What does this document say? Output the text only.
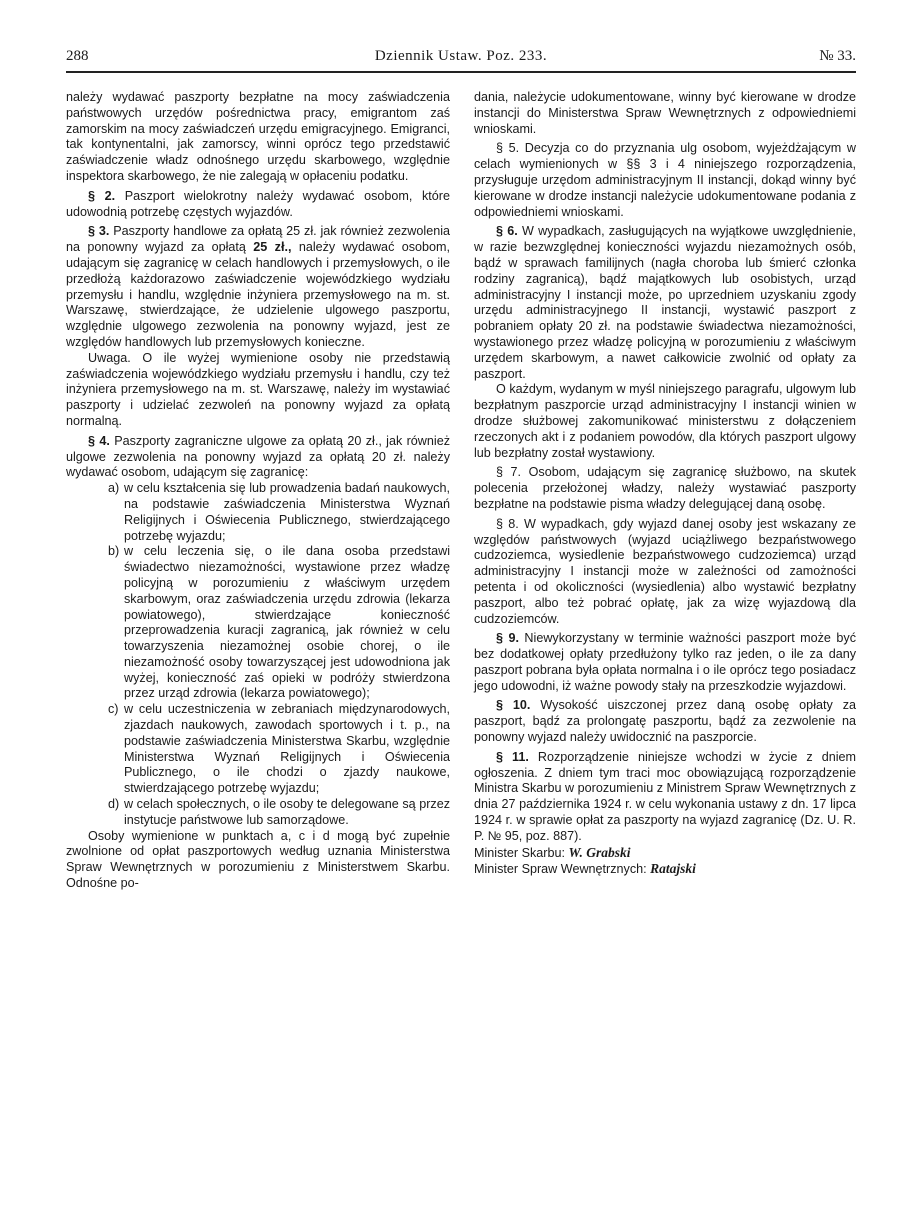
288	Dziennik Ustaw. Poz. 233.	№ 33.

należy wydawać paszporty bezpłatne na mocy zaświadczenia państwowych urzędów pośrednictwa pracy, emigrantom zaś zamorskim na mocy zaświadczeń urzędu emigracyjnego. Emigranci, tak kontynentalni, jak zamorscy, winni oprócz tego przedstawić zaświadczenie władz odnośnego urzędu skarbowego, względnie inspektora skarbowego, że nie zalegają w opłaceniu podatku.

§ 2. Paszport wielokrotny należy wydawać osobom, które udowodnią potrzebę częstych wyjazdów.

§ 3. Paszporty handlowe za opłatą 25 zł. jak również zezwolenia na ponowny wyjazd za opłatą 25 zł., należy wydawać osobom, udającym się zagranicę w celach handlowych i przemysłowych, o ile przedłożą każdorazowo zaświadczenie wojewódzkiego wydziału przemysłu i handlu, względnie inżyniera przemysłowego na m. st. Warszawę, stwierdzające, że udzielenie ulgowego paszportu, względnie ulgowego zezwolenia na ponowny wyjazd, jest ze względów handlowych lub przemysłowych konieczne.

Uwaga. O ile wyżej wymienione osoby nie przedstawią zaświadczenia wojewódzkiego wydziału przemysłu i handlu, czy też inżyniera przemysłowego na m. st. Warszawę, należy im wystawiać paszporty i udzielać zezwoleń na ponowny wyjazd za opłatą normalną.

§ 4. Paszporty zagraniczne ulgowe za opłatą 20 zł., jak również ulgowe zezwolenia na ponowny wyjazd za opłatą 20 zł. należy wydawać osobom, udającym się zagranicę:

a) w celu kształcenia się lub prowadzenia badań naukowych, na podstawie zaświadczenia Ministerstwa Wyznań Religijnych i Oświecenia Publicznego, stwierdzającego potrzebę wyjazdu;
b) w celu leczenia się, o ile dana osoba przedstawi świadectwo niezamożności, wystawione przez władzę policyjną w porozumieniu z właściwym urzędem skarbowym, oraz zaświadczenia urzędu zdrowia (lekarza powiatowego), stwierdzające konieczność przeprowadzenia kuracji zagranicą, jak również w celu towarzyszenia niezamożnej osobie chorej, o ile niezamożność osoby towarzyszącej jest udowodniona jak wyżej, konieczność zaś opieki w podróży stwierdzona przez urząd zdrowia (lekarza powiatowego);
c) w celu uczestniczenia w zebraniach międzynarodowych, zjazdach naukowych, zawodach sportowych i t. p., na podstawie zaświadczenia Ministerstwa Skarbu, względnie Ministerstwa Wyznań Religijnych i Oświecenia Publicznego, o ile chodzi o zjazdy naukowe, stwierdzającego potrzebę wyjazdu;
d) w celach społecznych, o ile osoby te delegowane są przez instytucje państwowe lub samorządowe.

Osoby wymienione w punktach a, c i d mogą być zupełnie zwolnione od opłat paszportowych według uznania Ministerstwa Spraw Wewnętrznych w porozumieniu z Ministerstwem Skarbu. Odnośne po-

dania, należycie udokumentowane, winny być kierowane w drodze instancji do Ministerstwa Spraw Wewnętrznych z odpowiedniemi wnioskami.

§ 5. Decyzja co do przyznania ulg osobom, wyjeżdżającym w celach wymienionych w §§ 3 i 4 niniejszego rozporządzenia, przysługuje urzędom administracyjnym II instancji, dokąd winny być kierowane w drodze instancji należycie udokumentowane podania z odpowiedniemi wnioskami.

§ 6. W wypadkach, zasługujących na wyjątkowe uwzględnienie, w razie bezwzględnej konieczności wyjazdu niezamożnych osób, bądź w sprawach familijnych (nagła choroba lub śmierć członka rodziny zagranicą), bądź majątkowych lub osobistych, urząd administracyjny I instancji może, po uprzedniem uzyskaniu zgody urzędu administracyjnego II instancji, wystawić paszport z pobraniem opłaty 20 zł. na podstawie świadectwa niezamożności, wystawionego przez władzę policyjną w porozumieniu z właściwym urzędem skarbowym, a nawet całkowicie zwolnić od opłaty za paszport.

O każdym, wydanym w myśl niniejszego paragrafu, ulgowym lub bezpłatnym paszporcie urząd administracyjny I instancji winien w drodze służbowej zakomunikować ministerstwu z dołączeniem rzeczonych akt i z podaniem powodów, dla których paszport ulgowy lub bezpłatny został wystawiony.

§ 7. Osobom, udającym się zagranicę służbowo, na skutek polecenia przełożonej władzy, należy wystawiać paszporty bezpłatne na podstawie pisma władzy delegującej daną osobę.

§ 8. W wypadkach, gdy wyjazd danej osoby jest wskazany ze względów państwowych (wyjazd uciążliwego bezpaństwowego cudzoziemca, wysiedlenie bezpaństwowego cudzoziemca) urząd administracyjny I instancji może w zależności od zamożności petenta i od okoliczności (wysiedlenia) albo wystawić bezpłatny paszport, albo też pobrać opłatę, jak za wizę wyjazdową dla cudzoziemców.

§ 9. Niewykorzystany w terminie ważności paszport może być bez dodatkowej opłaty przedłużony tylko raz jeden, o ile za dany paszport pobrana była opłata normalna i o ile oprócz tego posiadacz jego udowodni, iż ważne powody stały na przeszkodzie wyjazdowi.

§ 10. Wysokość uiszczonej przez daną osobę opłaty za paszport, bądź za prolongatę paszportu, bądź za zezwolenie na ponowny wyjazd należy uwidocznić na paszporcie.

§ 11. Rozporządzenie niniejsze wchodzi w życie z dniem ogłoszenia. Z dniem tym traci moc obowiązującą rozporządzenie Ministra Skarbu w porozumieniu z Ministrem Spraw Wewnętrznych z dnia 27 października 1924 r. w celu wykonania ustawy z dn. 17 lipca 1924 r. w sprawie opłat za paszporty na wyjazd zagranicę (Dz. U. R. P. № 95, poz. 887).

Minister Skarbu: W. Grabski

Minister Spraw Wewnętrznych: Ratajski
